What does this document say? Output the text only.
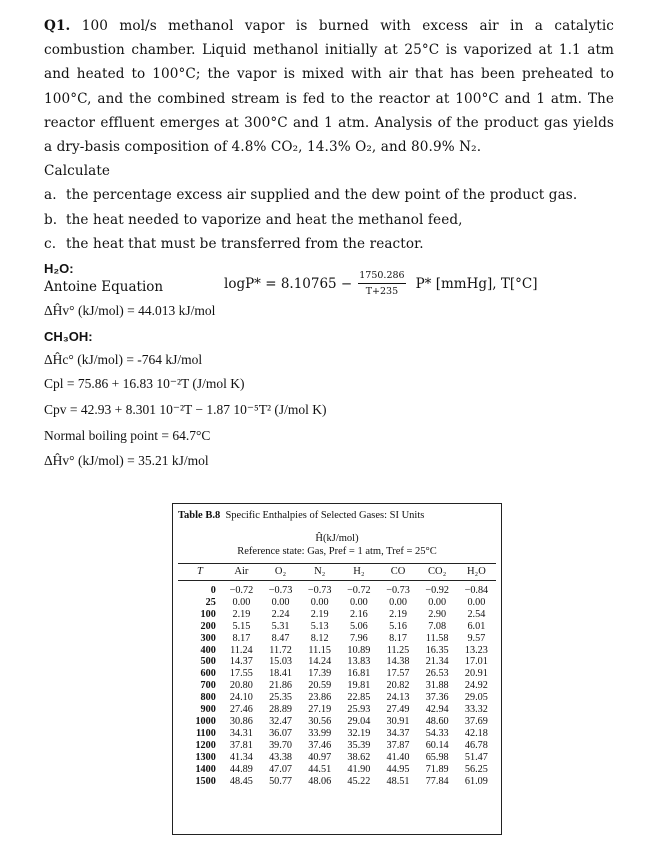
Q1. 100 mol/s methanol vapor is burned with excess air in a catalytic combustion chamber. Liquid methanol initially at 25°C is vaporized at 1.1 atm and heated to 100°C; the vapor is mixed with air that has been preheated to 100°C, and the combined stream is fed to the reactor at 100°C and 1 atm. The reactor effluent emerges at 300°C and 1 atm. Analysis of the product gas yields a dry-basis composition of 4.8% CO₂, 14.3% O₂, and 80.9% N₂.

Calculate

a. the percentage excess air supplied and the dew point of the product gas.
b. the heat needed to vaporize and heat the methanol feed,
c. the heat that must be transferred from the reactor.
H₂O:
Antoine Equation	$\log P* = 8.10765 - \frac{1750.286}{T+235} P*$ [mmHg], T[°C]
ΔĤv° (kJ/mol) = 44.013 kJ/mol
CH₃OH:
ΔĤc° (kJ/mol) = -764 kJ/mol
Cpl = 75.86 + 16.83 10⁻²T (J/mol K)
Cpv = 42.93 + 8.301 10⁻²T − 1.87 10⁻⁵T² (J/mol K)
Normal boiling point = 64.7°C
ΔĤv° (kJ/mol) = 35.21 kJ/mol
Table B.8 Specific Enthalpies of Selected Gases: SI Units
Ĥ(kJ/mol)
Reference state: Gas, Pref = 1 atm, Tref = 25°C
T	Air	O₂	N₂	H₂	CO	CO₂	H₂O
0	−0.72	−0.73	−0.73	−0.72	−0.73	−0.92	−0.84
25	0.00	0.00	0.00	0.00	0.00	0.00	0.00
100	2.19	2.24	2.19	2.16	2.19	2.90	2.54
200	5.15	5.31	5.13	5.06	5.16	7.08	6.01
300	8.17	8.47	8.12	7.96	8.17	11.58	9.57
400	11.24	11.72	11.15	10.89	11.25	16.35	13.23
500	14.37	15.03	14.24	13.83	14.38	21.34	17.01
600	17.55	18.41	17.39	16.81	17.57	26.53	20.91
700	20.80	21.86	20.59	19.81	20.82	31.88	24.92
800	24.10	25.35	23.86	22.85	24.13	37.36	29.05
900	27.46	28.89	27.19	25.93	27.49	42.94	33.32
1000	30.86	32.47	30.56	29.04	30.91	48.60	37.69
1100	34.31	36.07	33.99	32.19	34.37	54.33	42.18
1200	37.81	39.70	37.46	35.39	37.87	60.14	46.78
1300	41.34	43.38	40.97	38.62	41.40	65.98	51.47
1400	44.89	47.07	44.51	41.90	44.95	71.89	56.25
1500	48.45	50.77	48.06	45.22	48.51	77.84	61.09
